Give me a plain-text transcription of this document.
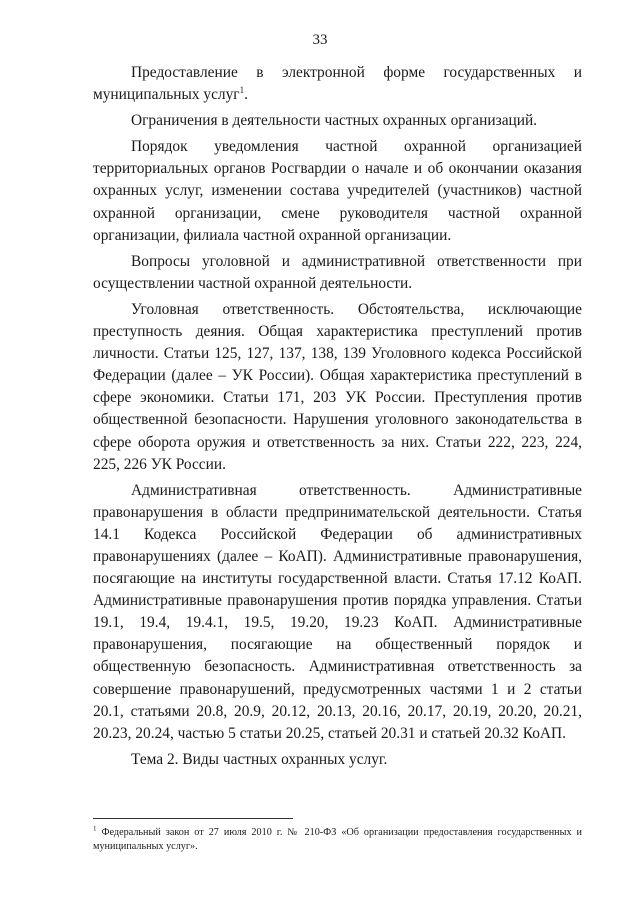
33

Предоставление в электронной форме государственных и муниципальных услуг$^1$.

Ограничения в деятельности частных охранных организаций.

Порядок уведомления частной охранной организацией территориальных органов Росгвардии о начале и об окончании оказания охранных услуг, изменении состава учредителей (участников) частной охранной организации, смене руководителя частной охранной организации, филиала частной охранной организации.

Вопросы уголовной и административной ответственности при осуществлении частной охранной деятельности.

Уголовная ответственность. Обстоятельства, исключающие преступность деяния. Общая характеристика преступлений против личности. Статьи 125, 127, 137, 138, 139 Уголовного кодекса Российской Федерации (далее – УК России). Общая характеристика преступлений в сфере экономики. Статьи 171, 203 УК России. Преступления против общественной безопасности. Нарушения уголовного законодательства в сфере оборота оружия и ответственность за них. Статьи 222, 223, 224, 225, 226 УК России.

Административная ответственность. Административные правонарушения в области предпринимательской деятельности. Статья 14.1 Кодекса Российской Федерации об административных правонарушениях (далее – КоАП). Административные правонарушения, посягающие на институты государственной власти. Статья 17.12 КоАП. Административные правонарушения против порядка управления. Статьи 19.1, 19.4, 19.4.1, 19.5, 19.20, 19.23 КоАП. Административные правонарушения, посягающие на общественный порядок и общественную безопасность. Административная ответственность за совершение правонарушений, предусмотренных частями 1 и 2 статьи 20.1, статьями 20.8, 20.9, 20.12, 20.13, 20.16, 20.17, 20.19, 20.20, 20.21, 20.23, 20.24, частью 5 статьи 20.25, статьей 20.31 и статьей 20.32 КоАП.

Тема 2. Виды частных охранных услуг.

$^1$ Федеральный закон от 27 июля 2010 г. № 210-ФЗ «Об организации предоставления государственных и муниципальных услуг».
